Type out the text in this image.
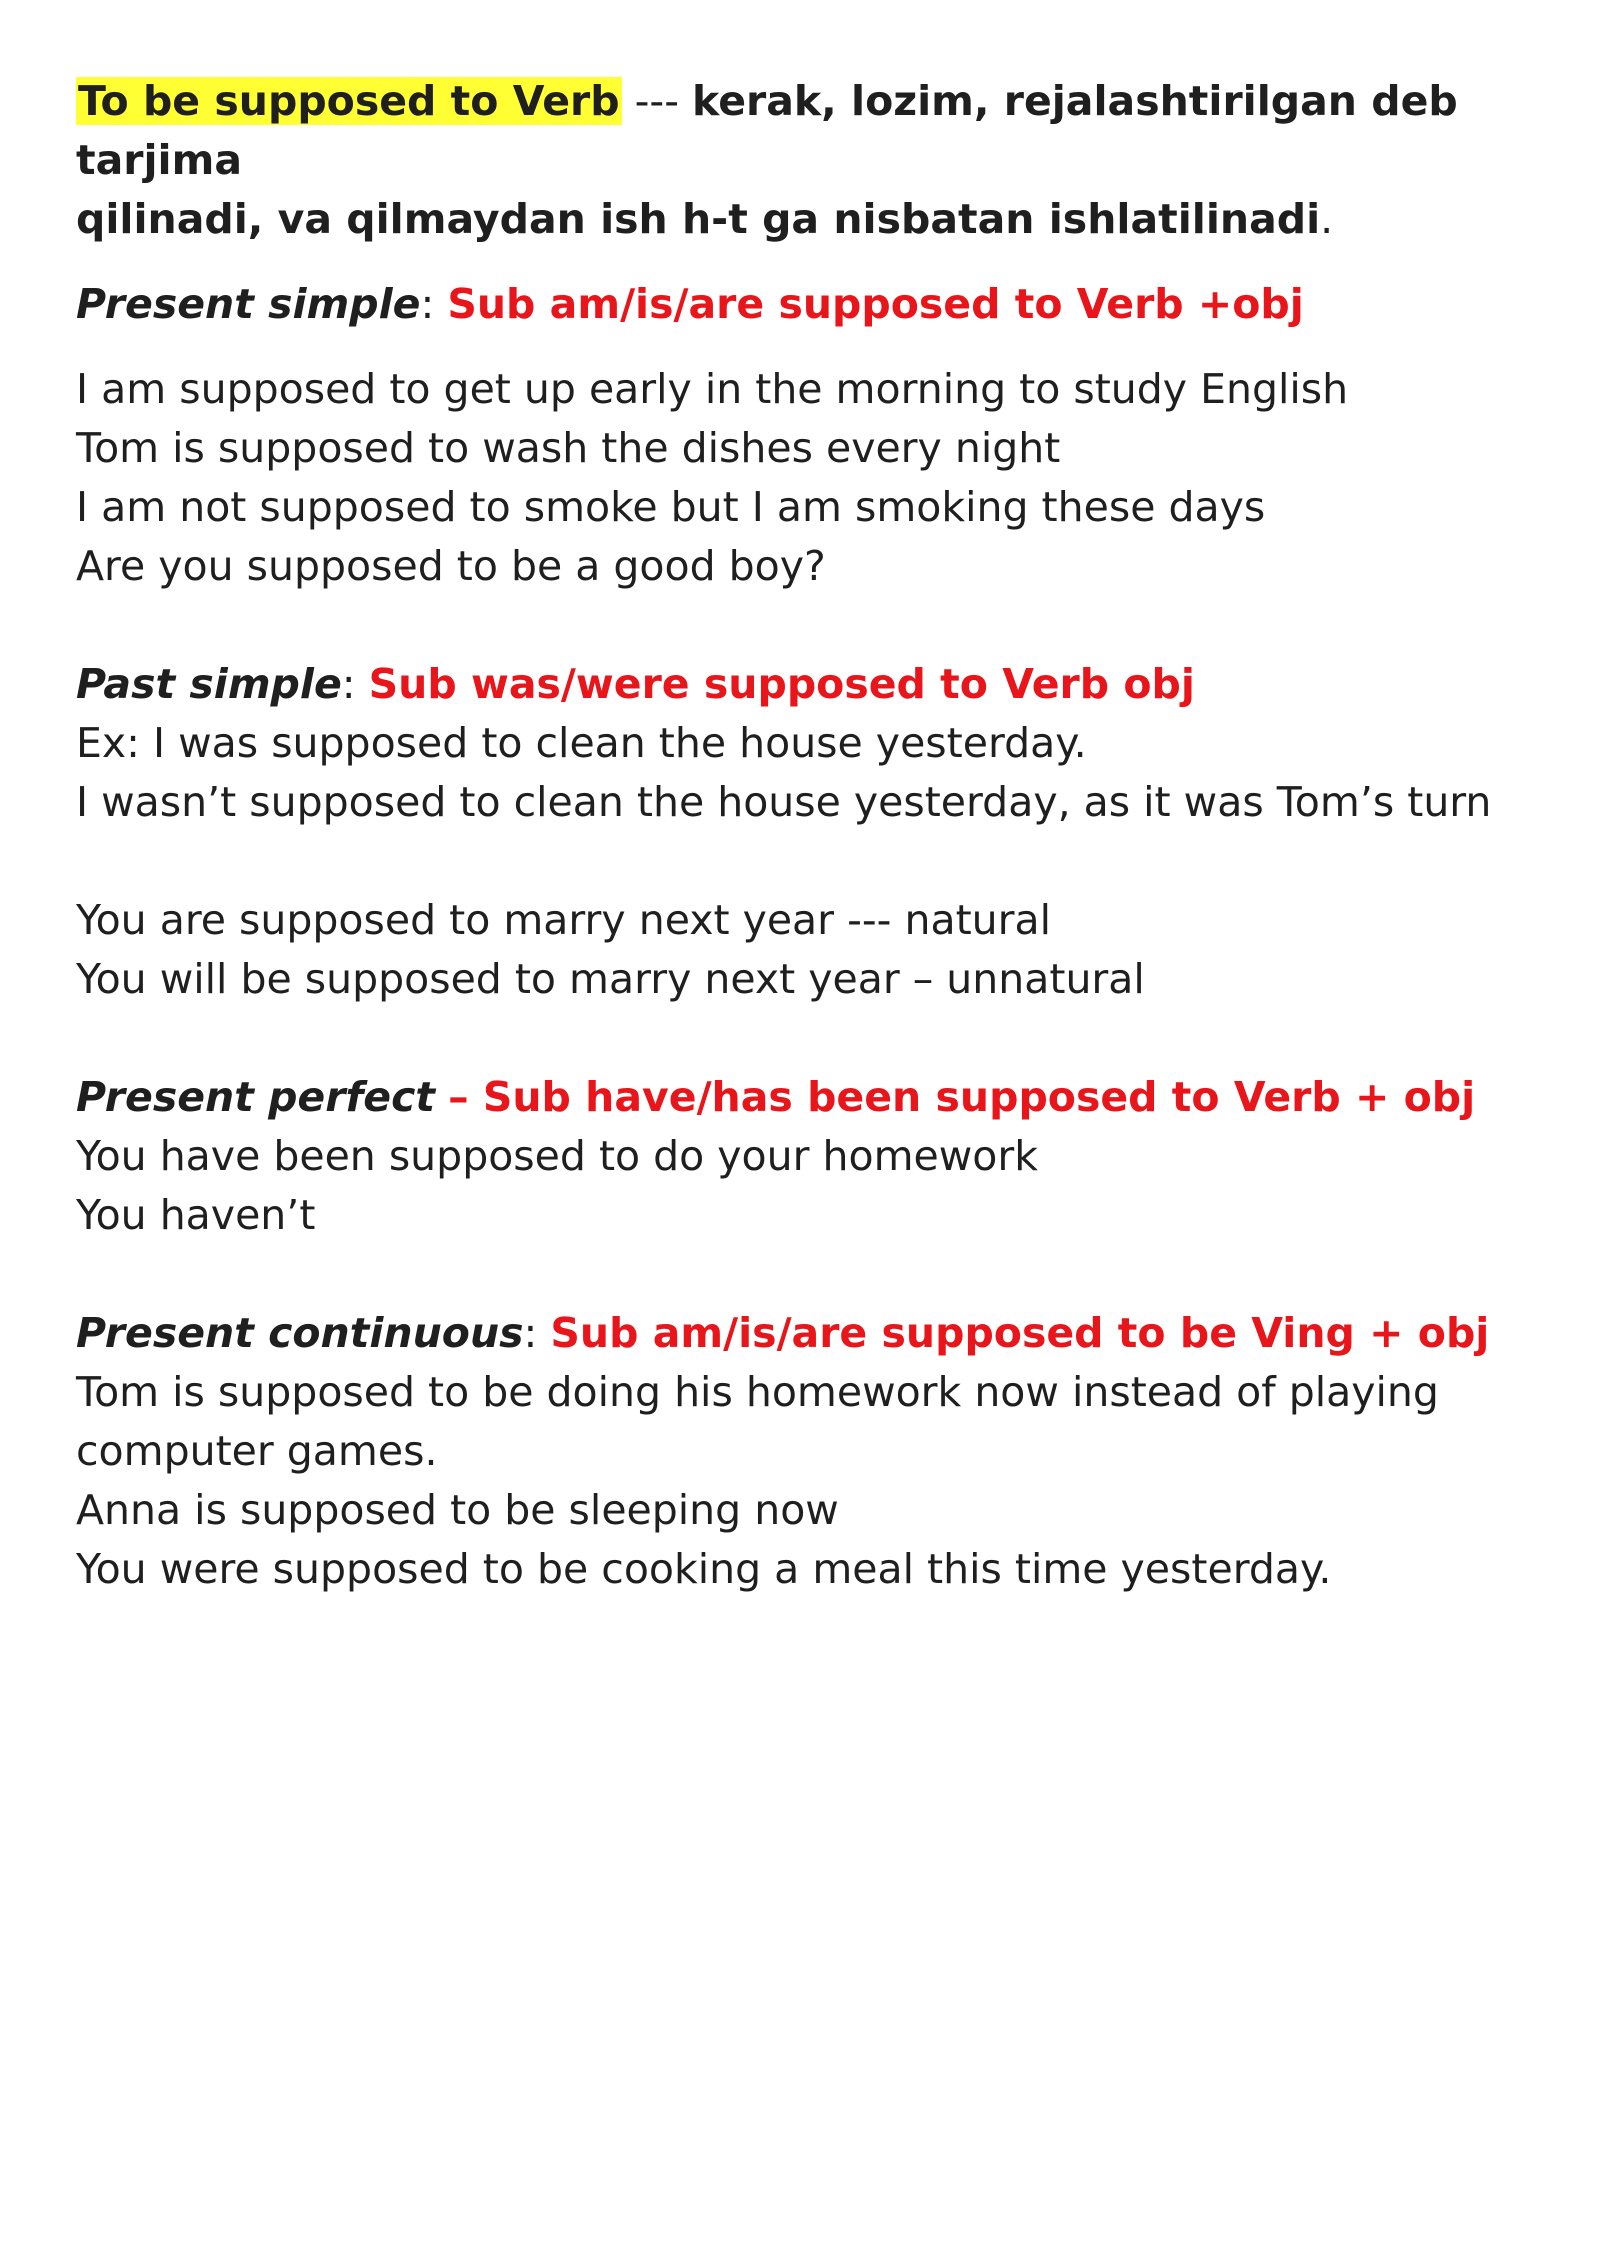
To be supposed to Verb --- kerak, lozim, rejalashtirilgan deb tarjima
qilinadi, va qilmaydan ish h-t ga nisbatan ishlatilinadi.

Present simple: Sub am/is/are supposed to Verb +obj

I am supposed to get up early in the morning to study English

Tom is supposed to wash the dishes every night

I am not supposed to smoke but I am smoking these days

Are you supposed to be a good boy?

Past simple: Sub was/were supposed to Verb obj

Ex: I was supposed to clean the house yesterday.

I wasn’t supposed to clean the house yesterday, as it was Tom’s turn

You are supposed to marry next year --- natural

You will be supposed to marry next year – unnatural

Present perfect – Sub have/has been supposed to Verb + obj

You have been supposed to do your homework

You haven’t

Present continuous: Sub am/is/are supposed to be Ving + obj

Tom is supposed to be doing his homework now instead of playing

computer games.

Anna is supposed to be sleeping now

You were supposed to be cooking a meal this time yesterday.
